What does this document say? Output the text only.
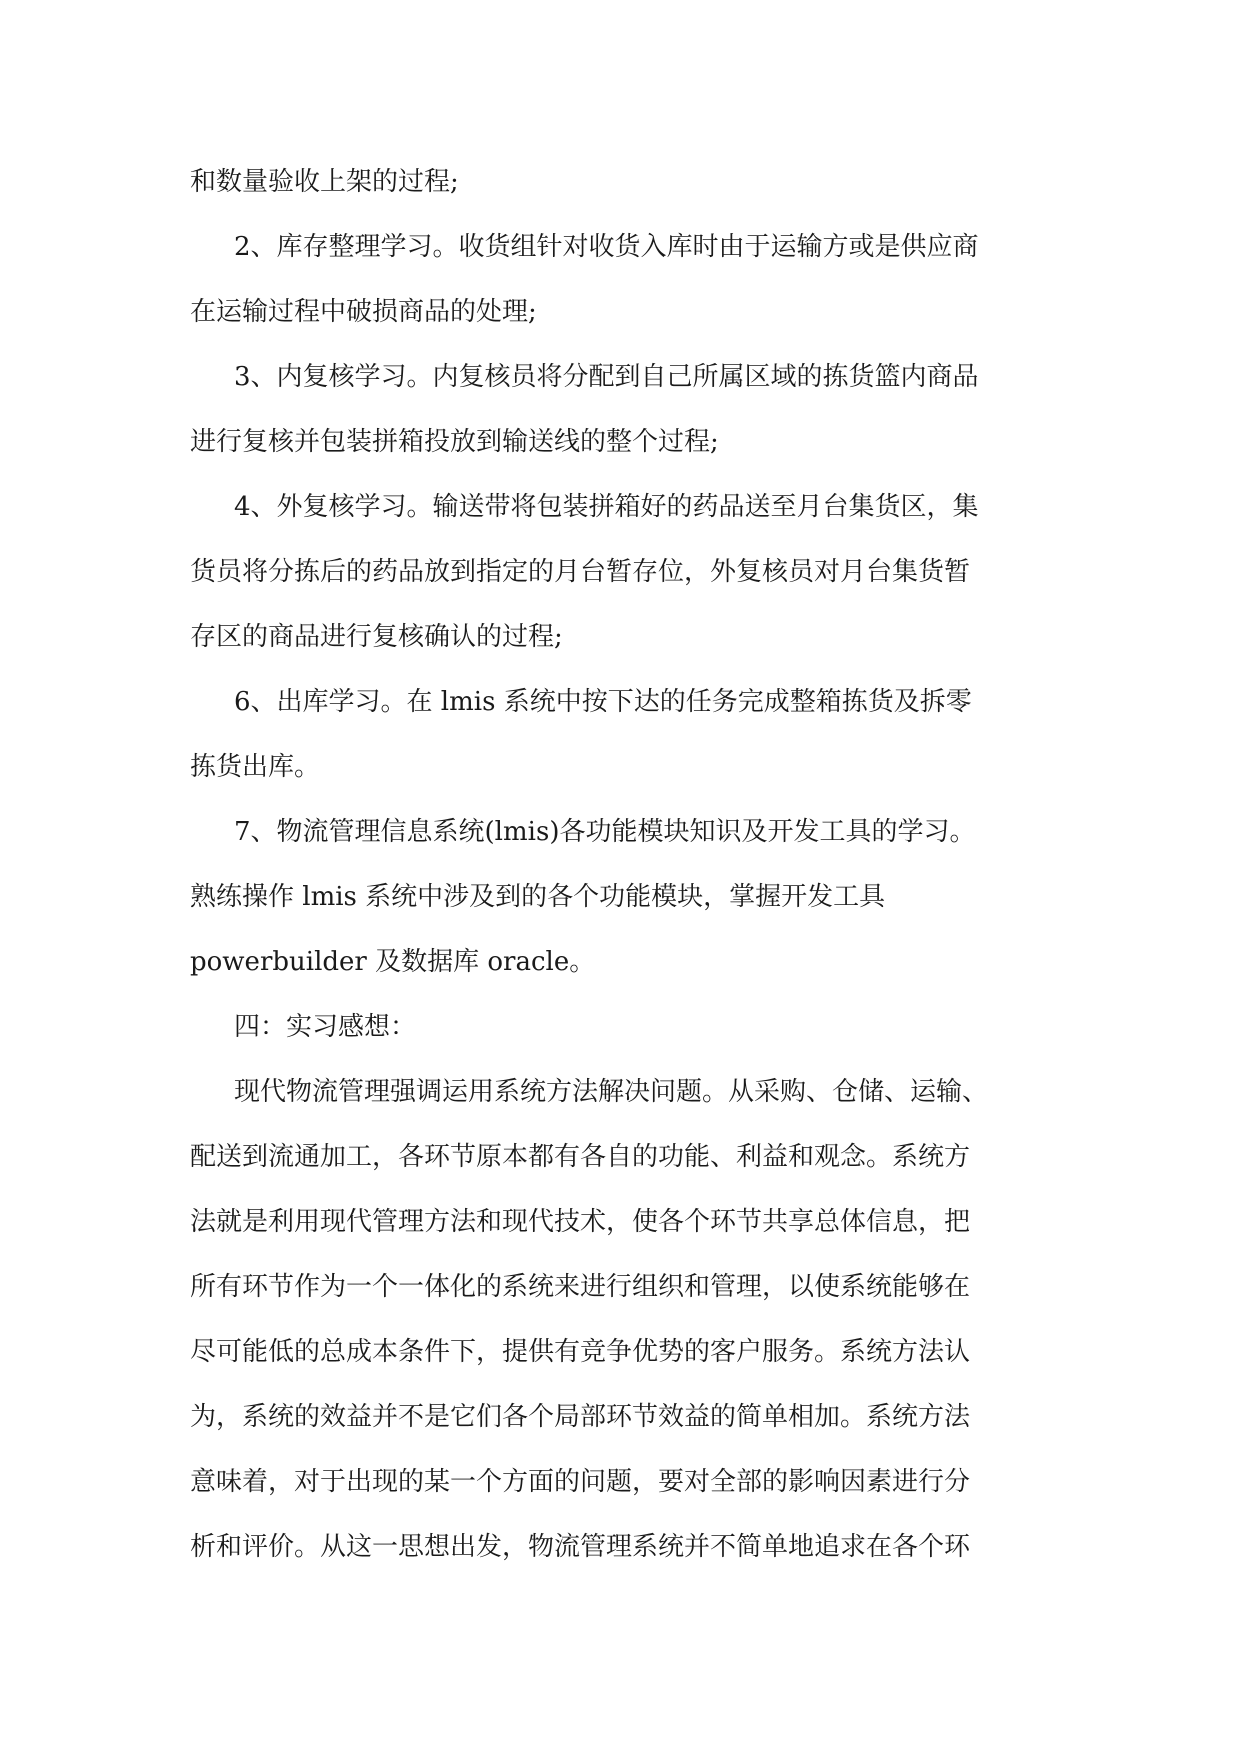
和数量验收上架的过程;
2、库存整理学习。收货组针对收货入库时由于运输方或是供应商
在运输过程中破损商品的处理;
3、内复核学习。内复核员将分配到自己所属区域的拣货篮内商品
进行复核并包装拼箱投放到输送线的整个过程;
4、外复核学习。输送带将包装拼箱好的药品送至月台集货区，集
货员将分拣后的药品放到指定的月台暂存位，外复核员对月台集货暂
存区的商品进行复核确认的过程;
6、出库学习。在 lmis 系统中按下达的任务完成整箱拣货及拆零
拣货出库。
7、物流管理信息系统(lmis)各功能模块知识及开发工具的学习。
熟练操作 lmis 系统中涉及到的各个功能模块，掌握开发工具
powerbuilder 及数据库 oracle。
四：实习感想：
现代物流管理强调运用系统方法解决问题。从采购、仓储、运输、
配送到流通加工，各环节原本都有各自的功能、利益和观念。系统方
法就是利用现代管理方法和现代技术，使各个环节共享总体信息，把
所有环节作为一个一体化的系统来进行组织和管理，以使系统能够在
尽可能低的总成本条件下，提供有竞争优势的客户服务。系统方法认
为，系统的效益并不是它们各个局部环节效益的简单相加。系统方法
意味着，对于出现的某一个方面的问题，要对全部的影响因素进行分
析和评价。从这一思想出发，物流管理系统并不简单地追求在各个环
